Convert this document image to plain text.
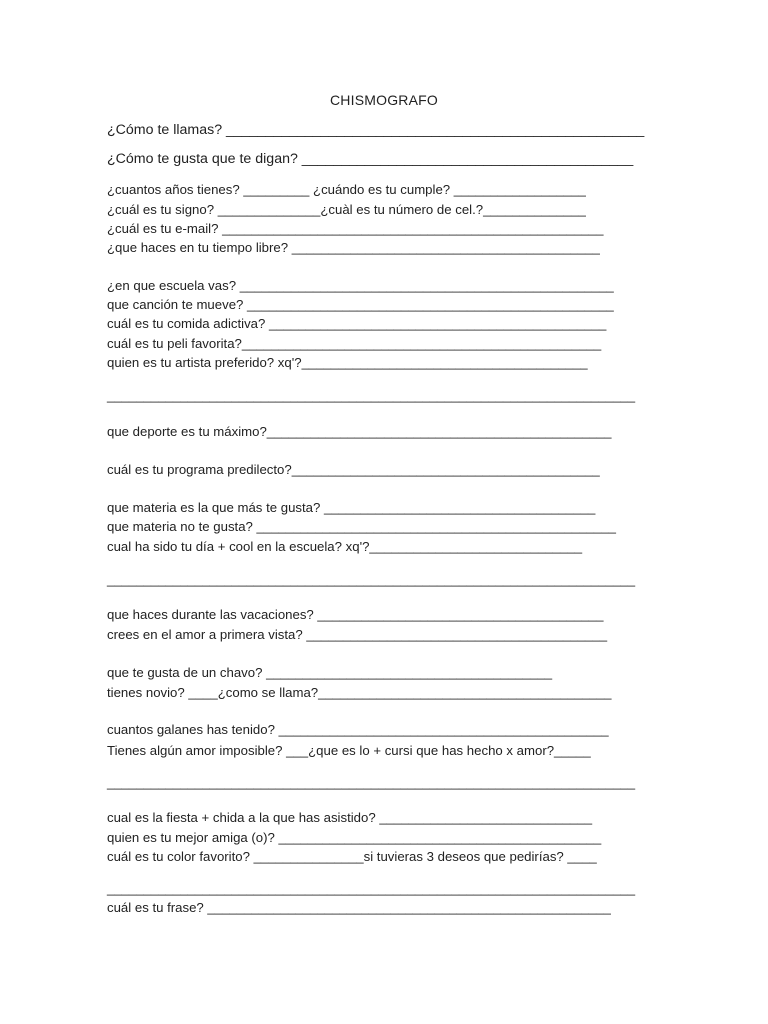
CHISMOGRAFO
¿Cómo te llamas? _____________________________________________________
¿Cómo te gusta que te digan? __________________________________________
¿cuantos años tienes? _________ ¿cuándo es tu cumple? __________________
¿cuál es tu signo? ______________¿cuàl es tu número de cel.?______________
¿cuál es tu e-mail? ____________________________________________________
¿que haces en tu tiempo libre? __________________________________________
¿en que escuela vas? ___________________________________________________
que canción te mueve? __________________________________________________
cuál es tu comida adictiva? ______________________________________________
cuál es tu peli favorita?_________________________________________________
quien es tu artista preferido? xq'?_______________________________________
________________________________________________________________________
que deporte es tu máximo?_______________________________________________
cuál es tu programa predilecto?__________________________________________
que materia es la que más te gusta? _____________________________________
que materia no te gusta? _________________________________________________
cual ha sido tu día + cool en la escuela? xq'?_____________________________
________________________________________________________________________
que haces durante las vacaciones? _______________________________________
crees en el amor a primera vista? _________________________________________
que te gusta de un chavo? _______________________________________
tienes novio? ____¿como se llama?________________________________________
cuantos galanes has tenido? _____________________________________________
Tienes algún amor imposible? ___¿que es lo + cursi que has hecho x amor?_____
________________________________________________________________________
cual es la fiesta + chida a la que has asistido? _____________________________
quien es tu mejor amiga (o)? ____________________________________________
cuál es tu color favorito? _______________si tuvieras 3 deseos que pedirías? ____
________________________________________________________________________
cuál es tu frase? _______________________________________________________
